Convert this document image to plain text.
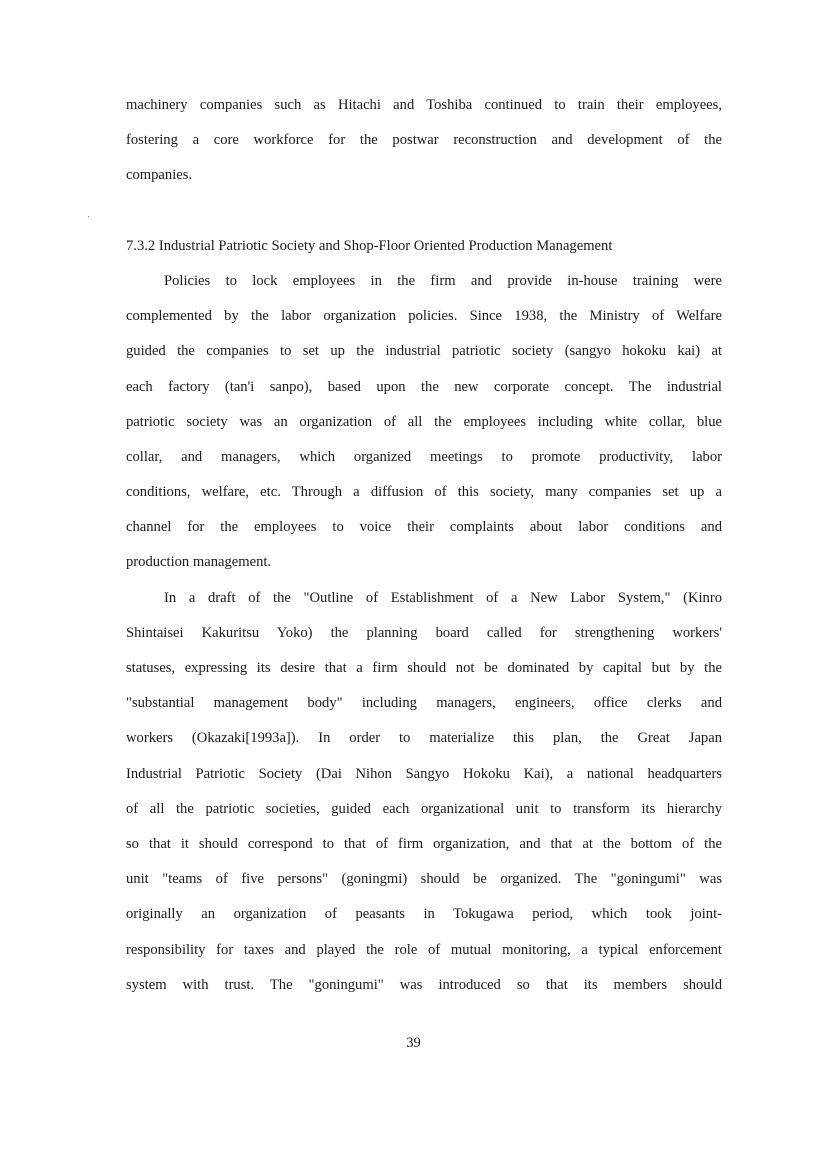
machinery companies such as Hitachi and Toshiba continued to train their employees,
fostering a core workforce for the postwar reconstruction and development of the
companies.
7.3.2 Industrial Patriotic Society and Shop-Floor Oriented Production Management
Policies to lock employees in the firm and provide in-house training were
complemented by the labor organization policies. Since 1938, the Ministry of Welfare
guided the companies to set up the industrial patriotic society (sangyo hokoku kai) at
each factory (tan'i sanpo), based upon the new corporate concept. The industrial
patriotic society was an organization of all the employees including white collar, blue
collar, and managers, which organized meetings to promote productivity, labor
conditions, welfare, etc. Through a diffusion of this society, many companies set up a
channel for the employees to voice their complaints about labor conditions and
production management.
In a draft of the "Outline of Establishment of a New Labor System," (Kinro
Shintaisei Kakuritsu Yoko) the planning board called for strengthening workers'
statuses, expressing its desire that a firm should not be dominated by capital but by the
"substantial management body" including managers, engineers, office clerks and
workers (Okazaki[1993a]). In order to materialize this plan, the Great Japan
Industrial Patriotic Society (Dai Nihon Sangyo Hokoku Kai), a national headquarters
of all the patriotic societies, guided each organizational unit to transform its hierarchy
so that it should correspond to that of firm organization, and that at the bottom of the
unit "teams of five persons" (goningmi) should be organized. The "goningumi" was
originally an organization of peasants in Tokugawa period, which took joint-
responsibility for taxes and played the role of mutual monitoring, a typical enforcement
system with trust. The "goningumi" was introduced so that its members should
39
